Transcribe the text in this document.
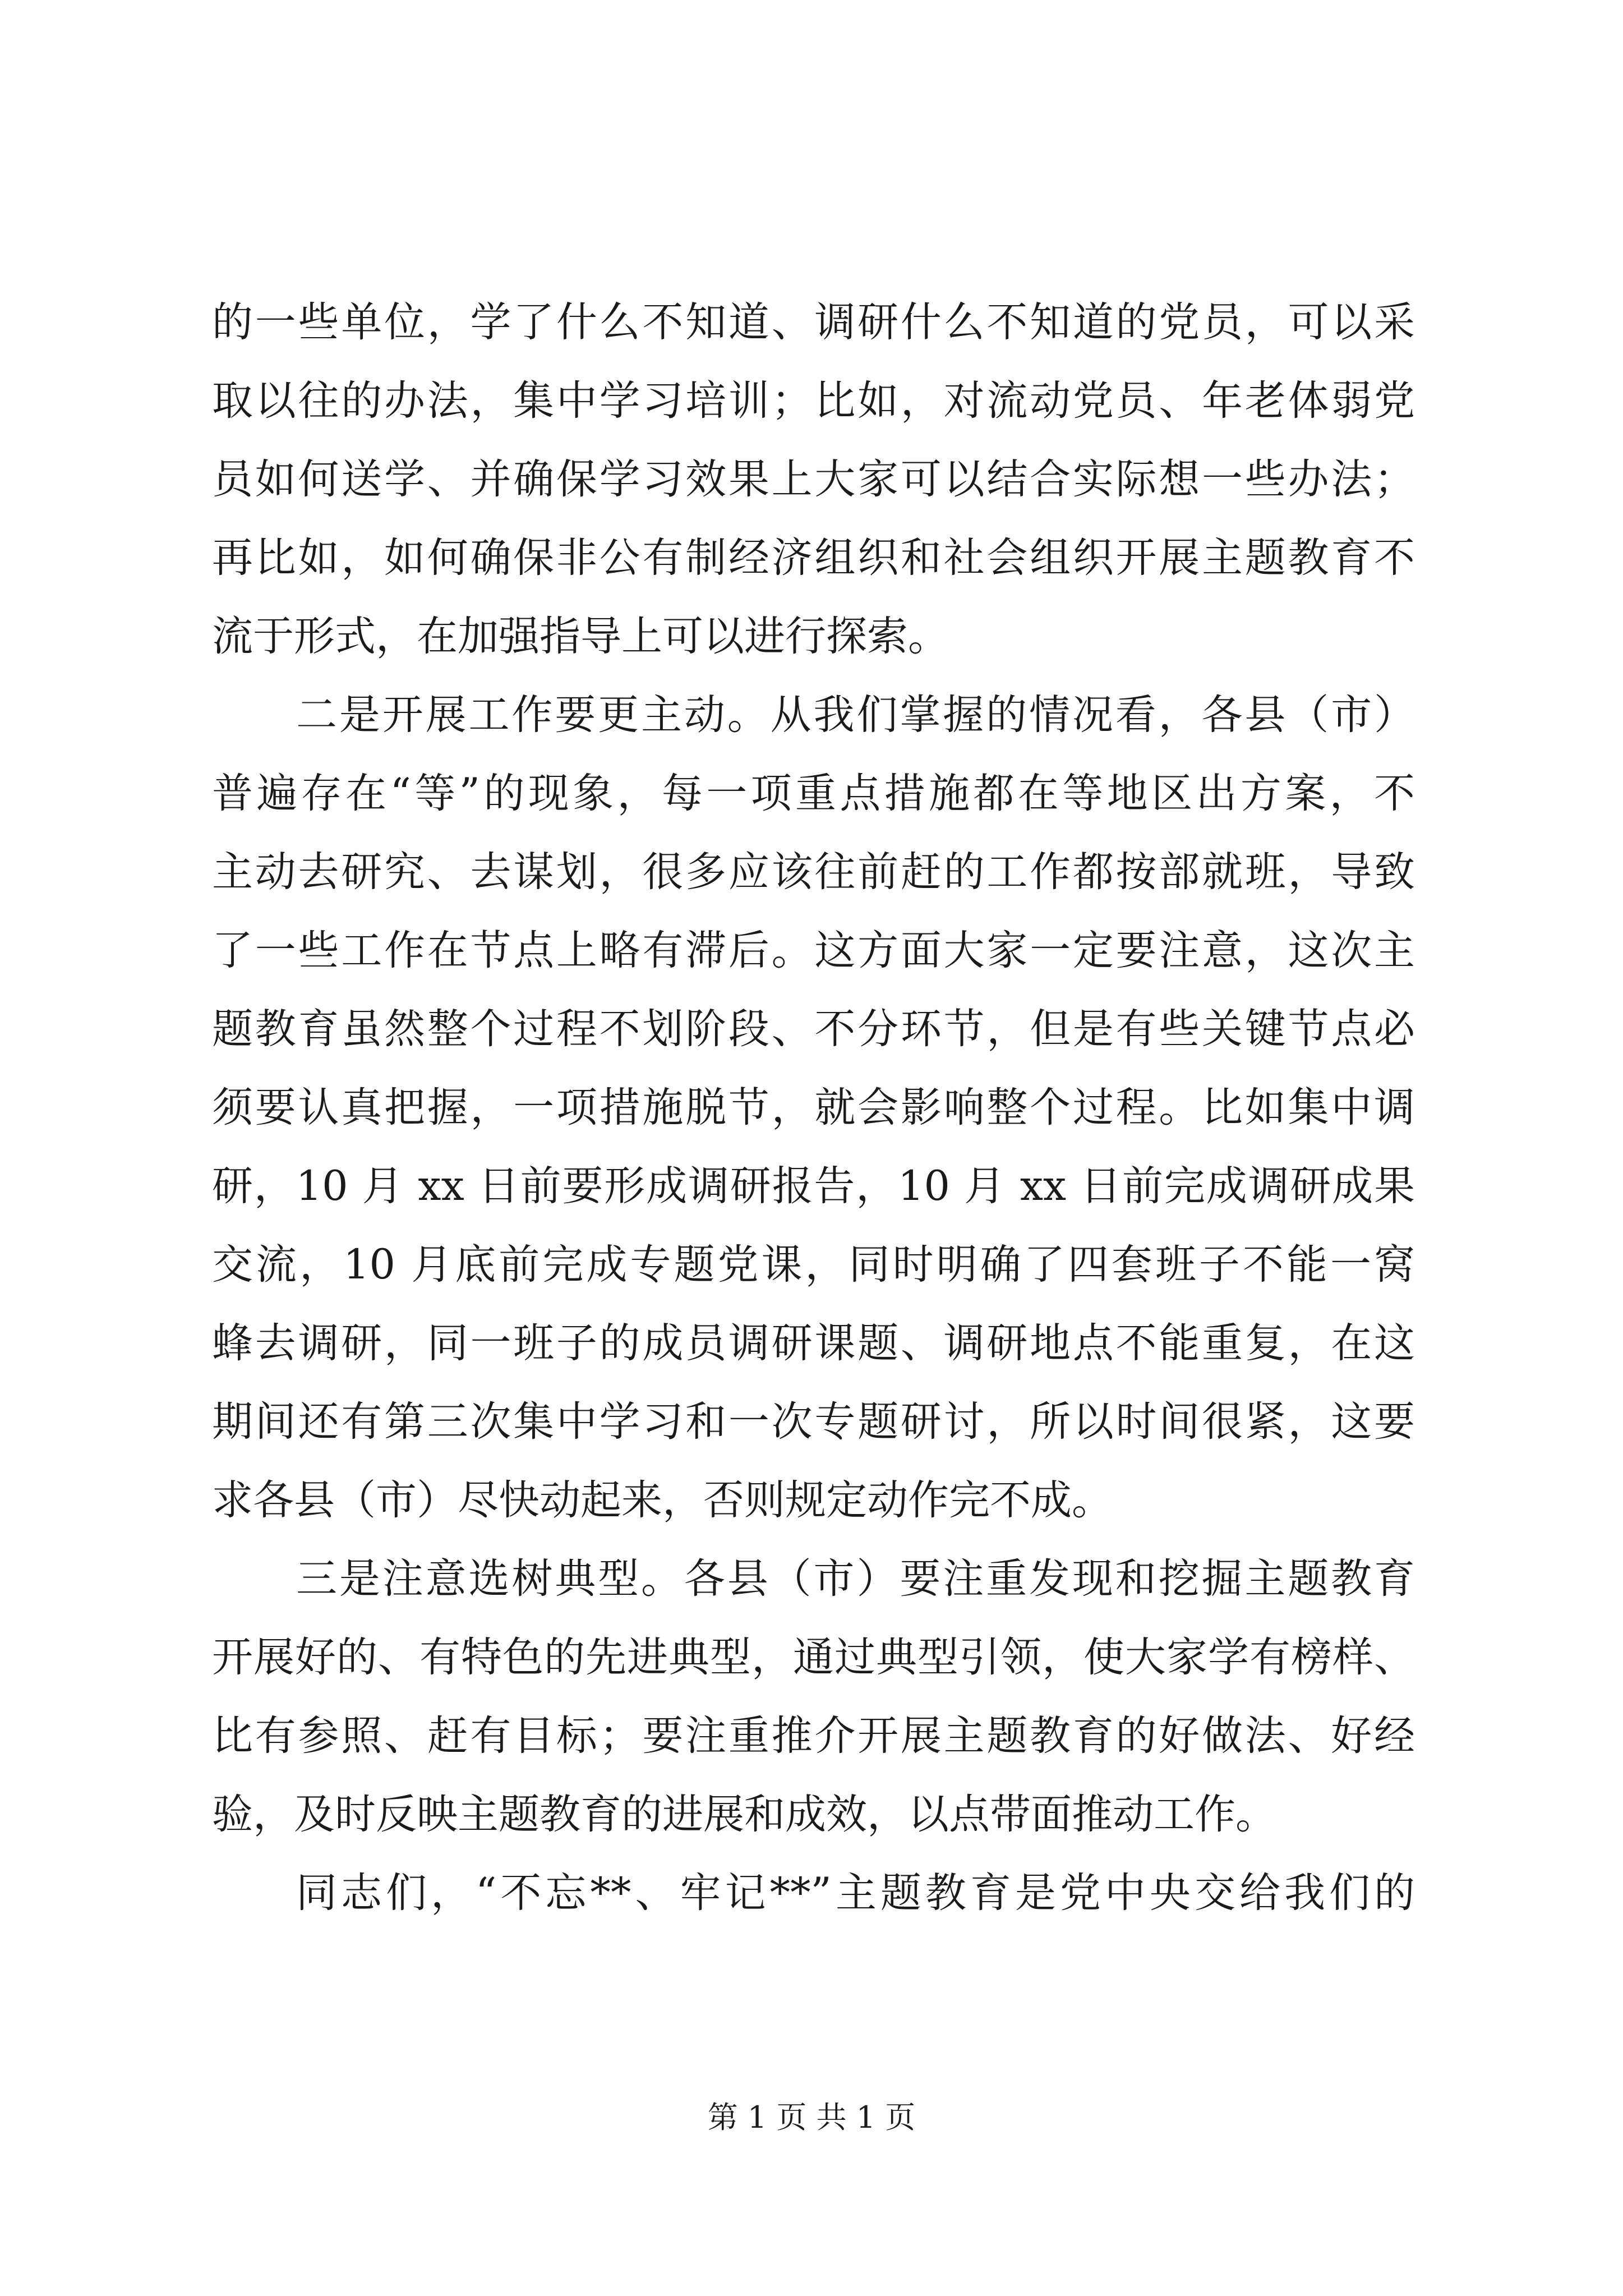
的一些单位，学了什么不知道、调研什么不知道的党员，可以采
取以往的办法，集中学习培训；比如，对流动党员、年老体弱党
员如何送学、并确保学习效果上大家可以结合实际想一些办法；
再比如，如何确保非公有制经济组织和社会组织开展主题教育不
流于形式，在加强指导上可以进行探索。
二是开展工作要更主动。从我们掌握的情况看，各县（市）
普遍存在“等”的现象，每一项重点措施都在等地区出方案，不
主动去研究、去谋划，很多应该往前赶的工作都按部就班，导致
了一些工作在节点上略有滞后。这方面大家一定要注意，这次主
题教育虽然整个过程不划阶段、不分环节，但是有些关键节点必
须要认真把握，一项措施脱节，就会影响整个过程。比如集中调
研，10 月 xx 日前要形成调研报告，10 月 xx 日前完成调研成果
交流，10 月底前完成专题党课，同时明确了四套班子不能一窝
蜂去调研，同一班子的成员调研课题、调研地点不能重复，在这
期间还有第三次集中学习和一次专题研讨，所以时间很紧，这要
求各县（市）尽快动起来，否则规定动作完不成。
三是注意选树典型。各县（市）要注重发现和挖掘主题教育
开展好的、有特色的先进典型，通过典型引领，使大家学有榜样、
比有参照、赶有目标；要注重推介开展主题教育的好做法、好经
验，及时反映主题教育的进展和成效，以点带面推动工作。
同志们，“不忘**、牢记**”主题教育是党中央交给我们的
第 1 页 共 1 页
